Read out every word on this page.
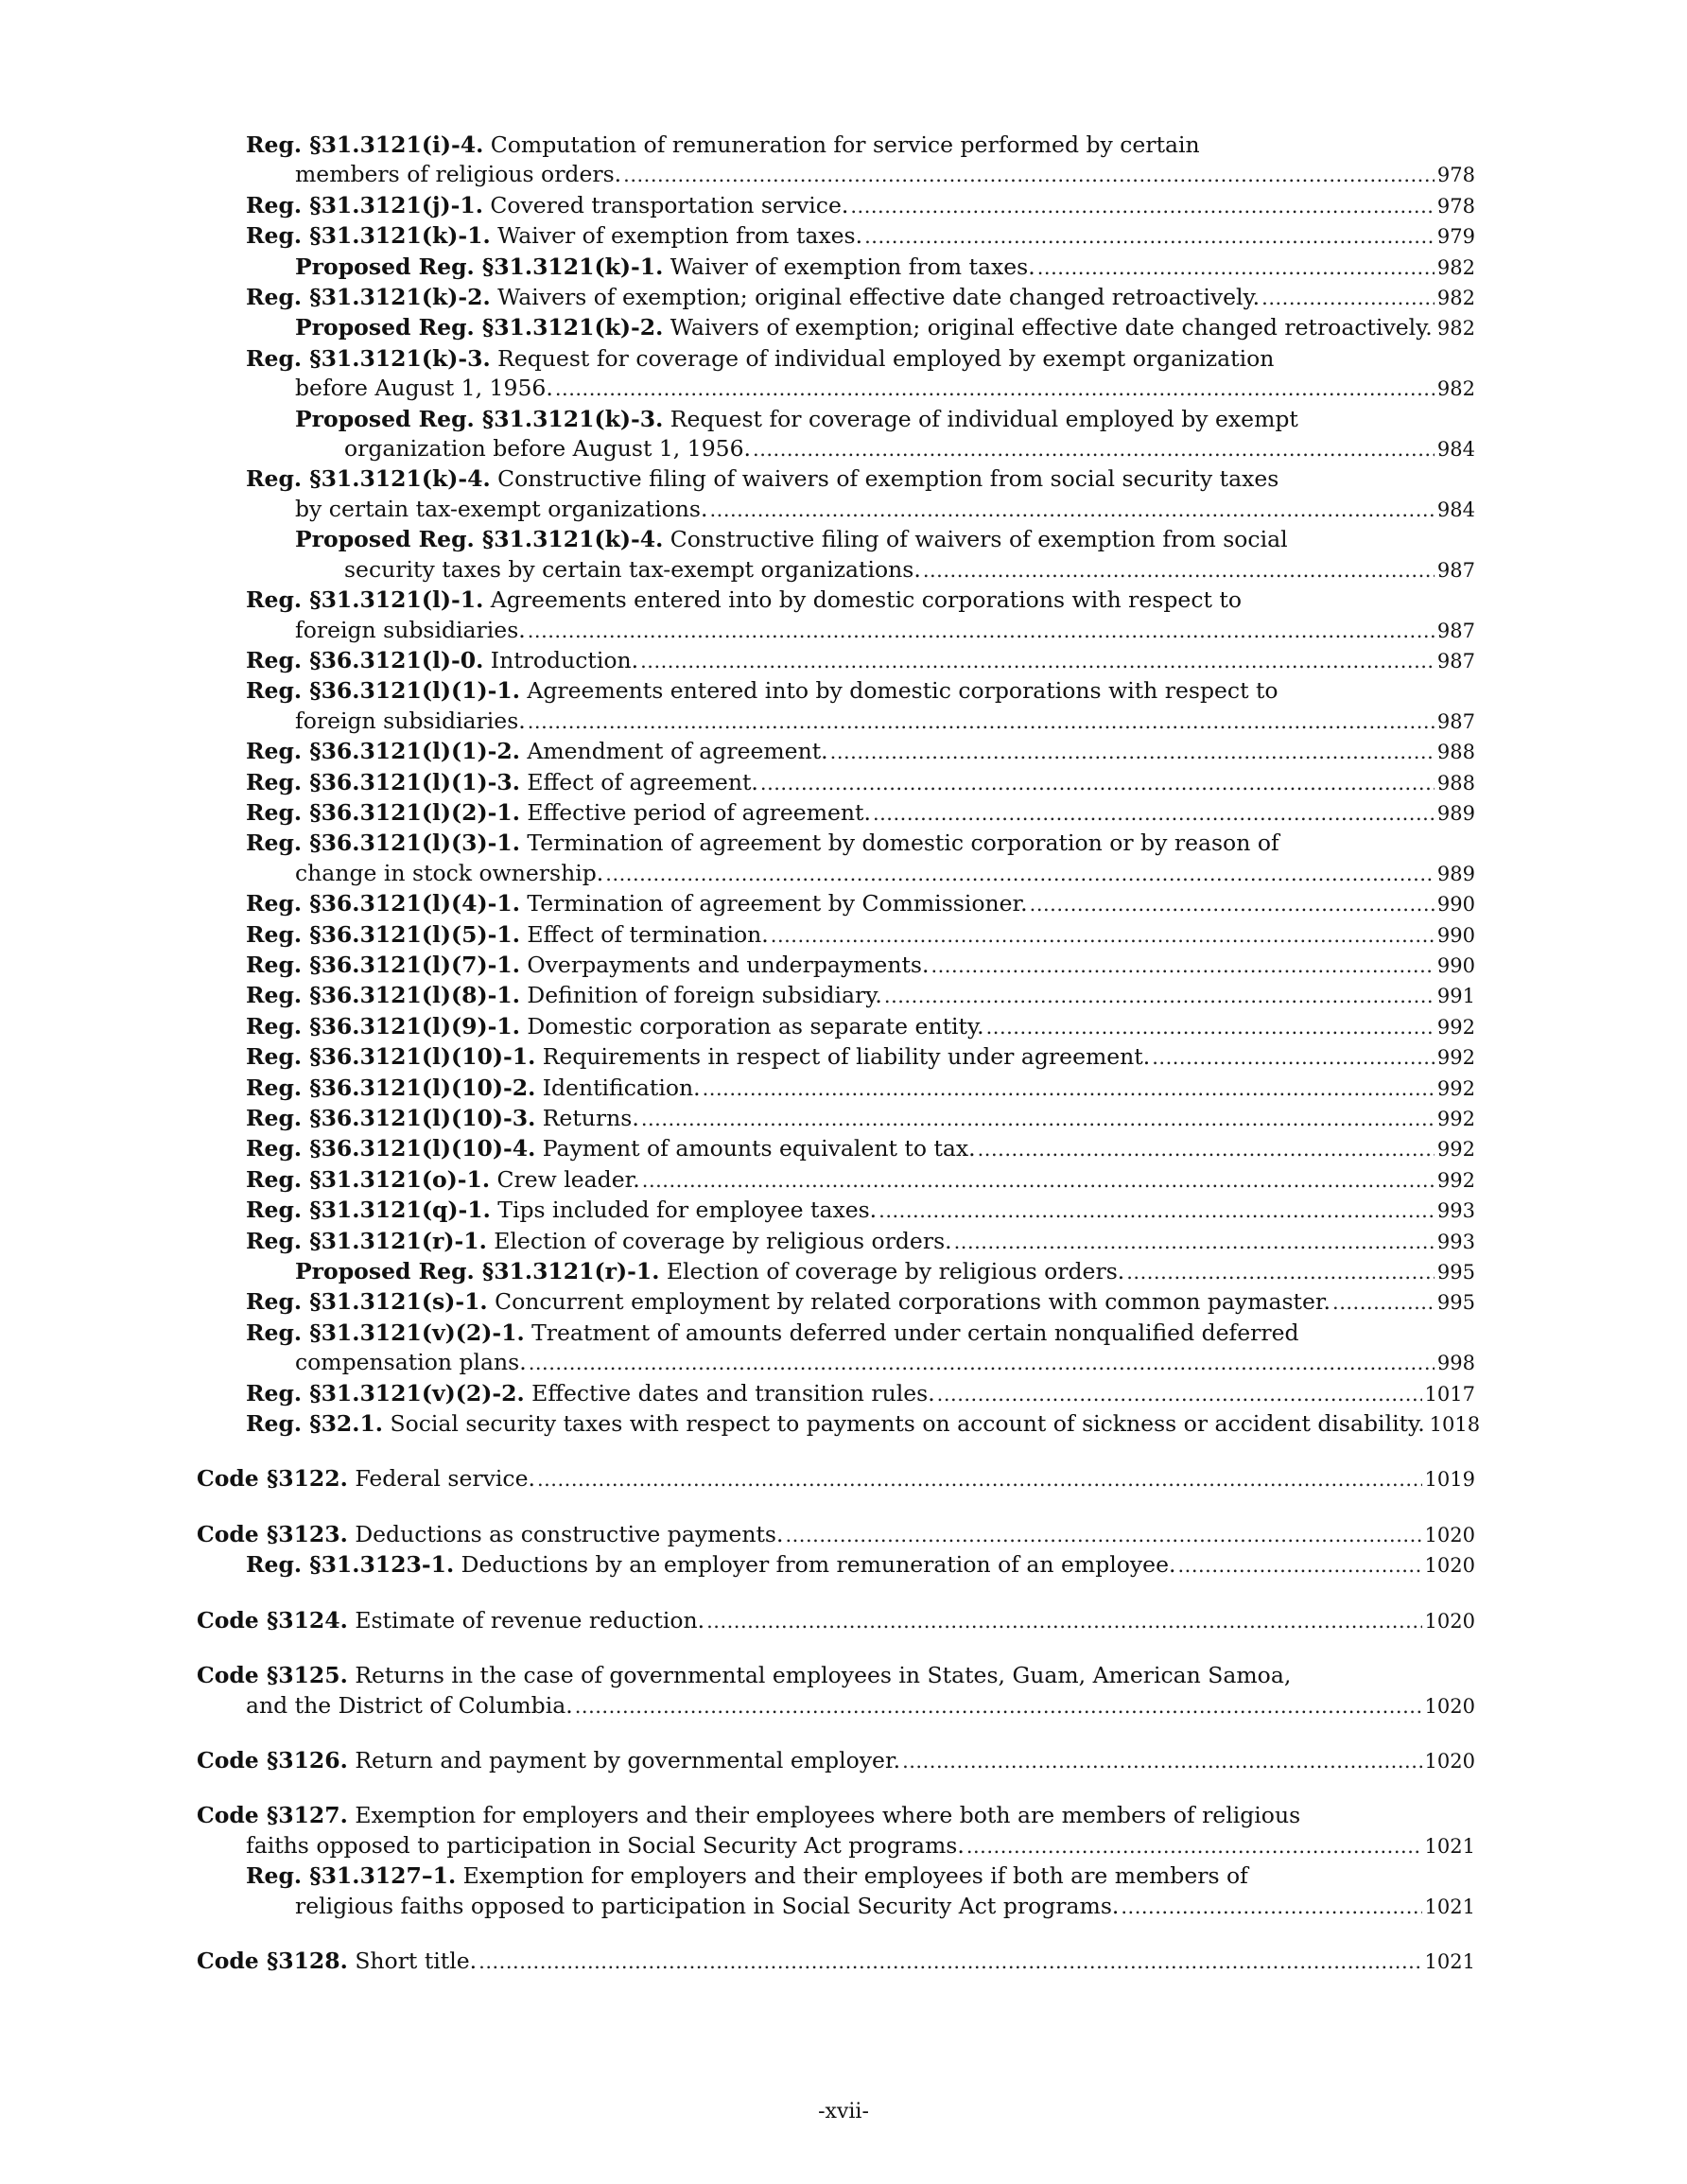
Reg. §31.3121(i)-4. Computation of remuneration for service performed by certain
members of religious orders. .....	978
Reg. §31.3121(j)-1. Covered transportation service. .....	978
Reg. §31.3121(k)-1. Waiver of exemption from taxes. .....	979
Proposed Reg. §31.3121(k)-1. Waiver of exemption from taxes. .....	982
Reg. §31.3121(k)-2. Waivers of exemption; original effective date changed retroactively. .....	982
Proposed Reg. §31.3121(k)-2. Waivers of exemption; original effective date changed retroactively. ..... 982
Reg. §31.3121(k)-3. Request for coverage of individual employed by exempt organization
before August 1, 1956. .....	982
Proposed Reg. §31.3121(k)-3. Request for coverage of individual employed by exempt
organization before August 1, 1956. .....	984
Reg. §31.3121(k)-4. Constructive filing of waivers of exemption from social security taxes
by certain tax-exempt organizations. .....	984
Proposed Reg. §31.3121(k)-4. Constructive filing of waivers of exemption from social
security taxes by certain tax-exempt organizations. .....	987
Reg. §31.3121(l)-1. Agreements entered into by domestic corporations with respect to
foreign subsidiaries. .....	987
Reg. §36.3121(l)-0. Introduction. .....	987
Reg. §36.3121(l)(1)-1. Agreements entered into by domestic corporations with respect to
foreign subsidiaries. .....	987
Reg. §36.3121(l)(1)-2. Amendment of agreement. .....	988
Reg. §36.3121(l)(1)-3. Effect of agreement. .....	988
Reg. §36.3121(l)(2)-1. Effective period of agreement. .....	989
Reg. §36.3121(l)(3)-1. Termination of agreement by domestic corporation or by reason of
change in stock ownership. .....	989
Reg. §36.3121(l)(4)-1. Termination of agreement by Commissioner. .....	990
Reg. §36.3121(l)(5)-1. Effect of termination. .....	990
Reg. §36.3121(l)(7)-1. Overpayments and underpayments. .....	990
Reg. §36.3121(l)(8)-1. Definition of foreign subsidiary. .....	991
Reg. §36.3121(l)(9)-1. Domestic corporation as separate entity. .....	992
Reg. §36.3121(l)(10)-1. Requirements in respect of liability under agreement. .....	992
Reg. §36.3121(l)(10)-2. Identification. .....	992
Reg. §36.3121(l)(10)-3. Returns. .....	992
Reg. §36.3121(l)(10)-4. Payment of amounts equivalent to tax. .....	992
Reg. §31.3121(o)-1. Crew leader. .....	992
Reg. §31.3121(q)-1. Tips included for employee taxes. .....	993
Reg. §31.3121(r)-1. Election of coverage by religious orders. .....	993
Proposed Reg. §31.3121(r)-1. Election of coverage by religious orders. .....	995
Reg. §31.3121(s)-1. Concurrent employment by related corporations with common paymaster. .....	995
Reg. §31.3121(v)(2)-1. Treatment of amounts deferred under certain nonqualified deferred
compensation plans. .....	998
Reg. §31.3121(v)(2)-2. Effective dates and transition rules. .....	1017
Reg. §32.1. Social security taxes with respect to payments on account of sickness or accident disability. 1018
Code §3122. Federal service. .....	1019
Code §3123. Deductions as constructive payments. .....	1020
Reg. §31.3123-1. Deductions by an employer from remuneration of an employee. .....	1020
Code §3124. Estimate of revenue reduction. .....	1020
Code §3125. Returns in the case of governmental employees in States, Guam, American Samoa,
and the District of Columbia. .....	1020
Code §3126. Return and payment by governmental employer. .....	1020
Code §3127. Exemption for employers and their employees where both are members of religious
faiths opposed to participation in Social Security Act programs. .....	1021
Reg. §31.3127–1. Exemption for employers and their employees if both are members of
religious faiths opposed to participation in Social Security Act programs. .....	1021
Code §3128. Short title. .....	1021
-xvii-
